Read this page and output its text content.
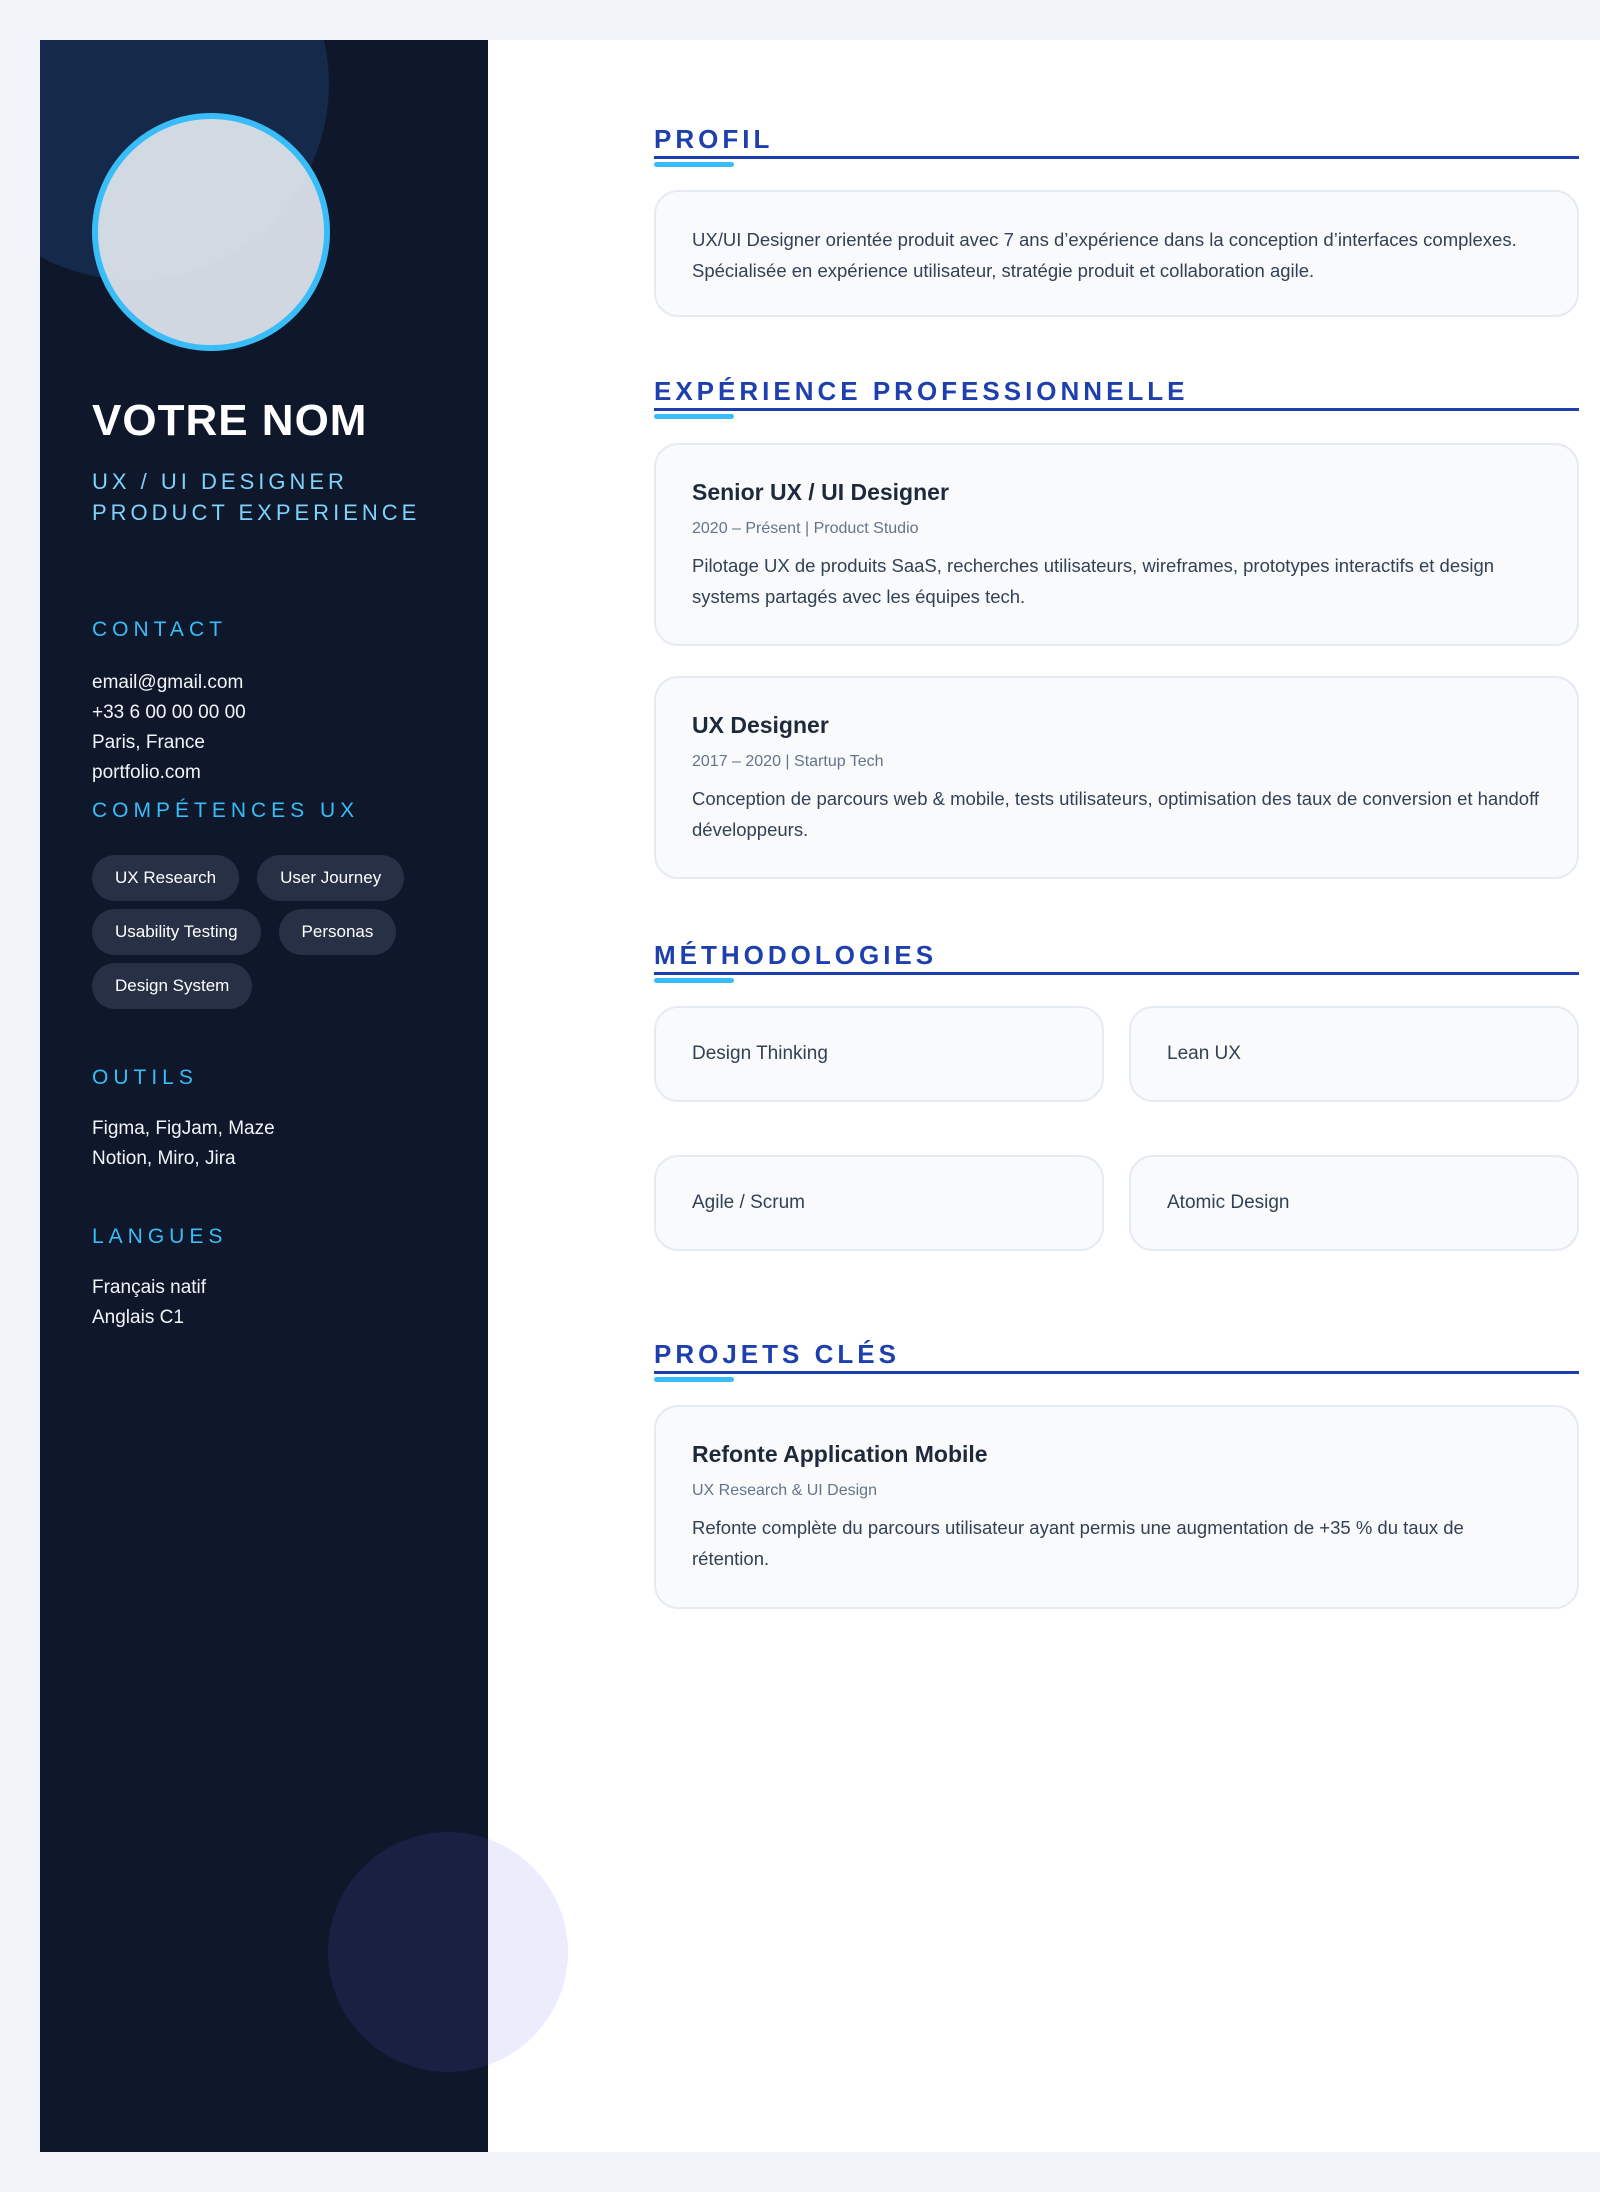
VOTRE NOM
UX / UI DESIGNER
PRODUCT EXPERIENCE
CONTACT
email@gmail.com
+33 6 00 00 00 00
Paris, France
portfolio.com
COMPÉTENCES UX
UX Research	User Journey
Usability Testing	Personas
Design System
OUTILS
Figma, FigJam, Maze
Notion, Miro, Jira
LANGUES
Français natif
Anglais C1
PROFIL
UX/UI Designer orientée produit avec 7 ans d’expérience dans la conception d’interfaces complexes. Spécialisée en expérience utilisateur, stratégie produit et collaboration agile.
EXPÉRIENCE PROFESSIONNELLE
Senior UX / UI Designer
2020 – Présent | Product Studio
Pilotage UX de produits SaaS, recherches utilisateurs, wireframes, prototypes interactifs et design systems partagés avec les équipes tech.
UX Designer
2017 – 2020 | Startup Tech
Conception de parcours web & mobile, tests utilisateurs, optimisation des taux de conversion et handoff développeurs.
MÉTHODOLOGIES
Design Thinking	Lean UX
Agile / Scrum	Atomic Design
PROJETS CLÉS
Refonte Application Mobile
UX Research & UI Design
Refonte complète du parcours utilisateur ayant permis une augmentation de +35 % du taux de rétention.
